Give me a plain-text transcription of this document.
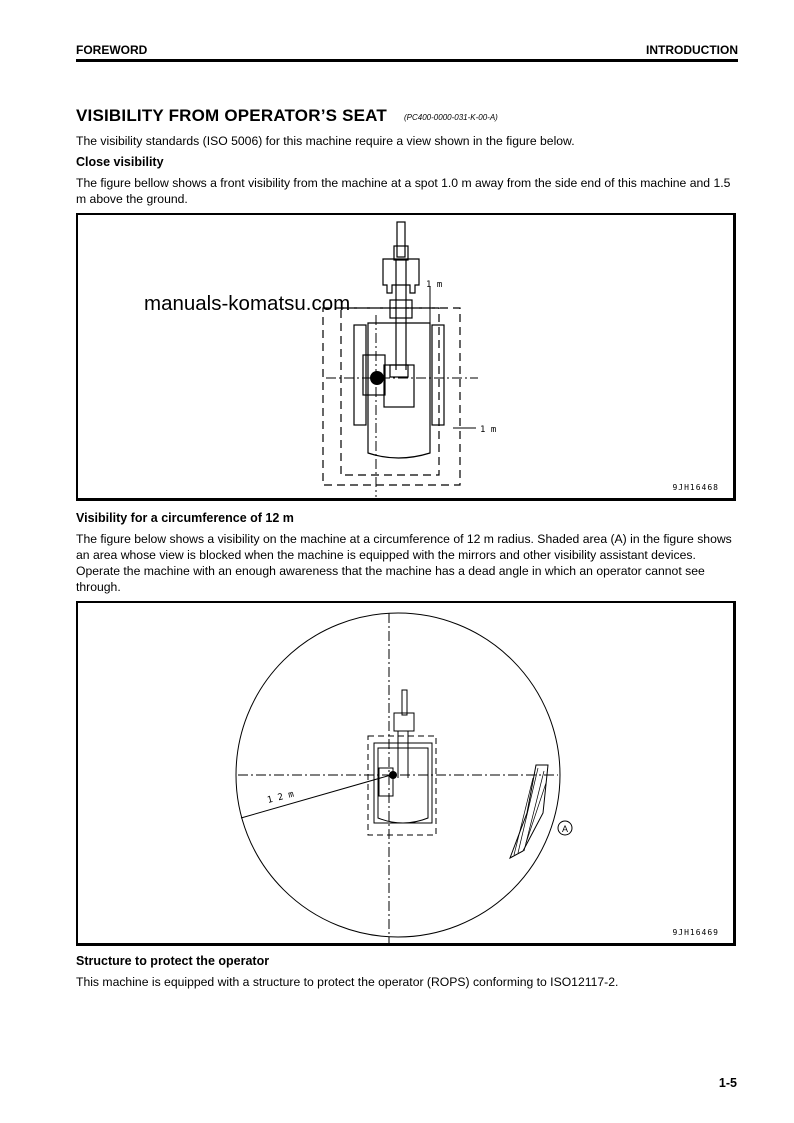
FOREWORD	INTRODUCTION
VISIBILITY FROM OPERATOR’S SEAT (PC400-0000-031-K-00-A)
The visibility standards (ISO 5006) for this machine require a view shown in the figure below.
Close visibility
The figure bellow shows a front visibility from the machine at a spot 1.0 m away from the side end of this machine and 1.5 m above the ground.
1 m
1 m
9JH16468
manuals-komatsu.com
Visibility for a circumference of 12 m
The figure below shows a visibility on the machine at a circumference of 12 m radius. Shaded area (A) in the figure shows an area whose view is blocked when the machine is equipped with the mirrors and other visibility assistant devices. Operate the machine with an enough awareness that the machine has a dead angle in which an operator cannot see through.
1 2 m
A
9JH16469
Structure to protect the operator
This machine is equipped with a structure to protect the operator (ROPS) conforming to ISO12117-2.
1-5
